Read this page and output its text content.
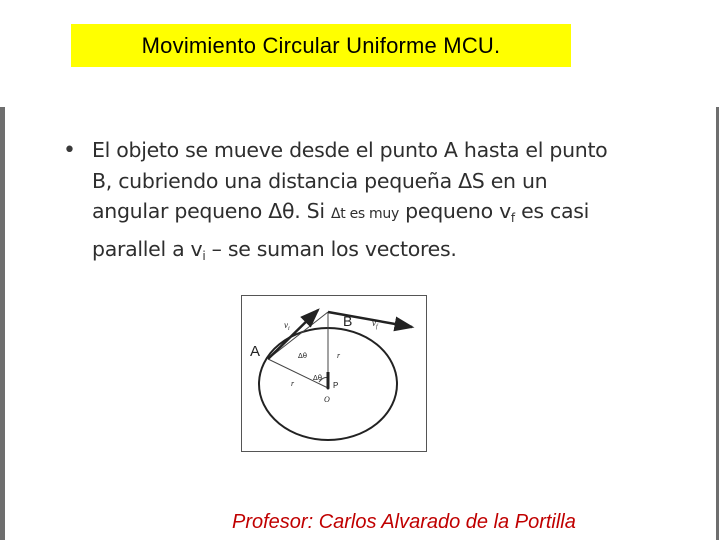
Movimiento Circular Uniforme MCU.
• El objeto se mueve desde el punto A hasta el punto
B, cubriendo una distancia pequeña ΔS en un
angular pequeno Δθ. Si Δt es muy pequeno $v_f$ es casi
parallel a $v_i$ – se suman los vectores.
A
B
$v_i$
$v_f$
Δθ
Δθ
r
r
P
O
Profesor: Carlos Alvarado de la Portilla
